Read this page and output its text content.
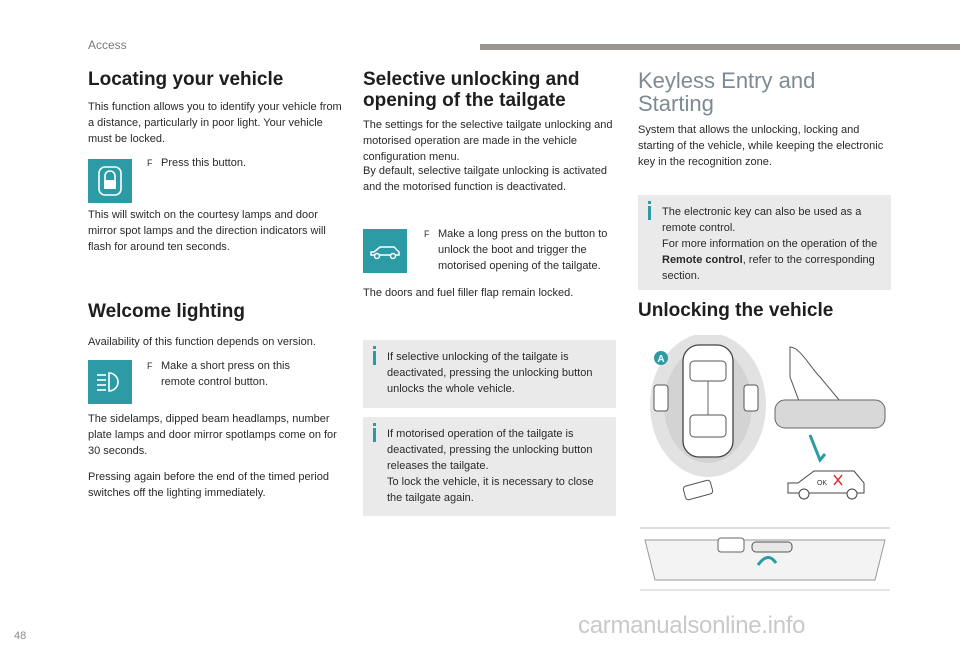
Access
Locating your vehicle

This function allows you to identify your vehicle from a distance, particularly in poor light. Your vehicle must be locked.

F Press this button.

This will switch on the courtesy lamps and door mirror spot lamps and the direction indicators will flash for around ten seconds.

Welcome lighting

Availability of this function depends on version.

F Make a short press on this remote control button.

The sidelamps, dipped beam headlamps, number plate lamps and door mirror spotlamps come on for 30 seconds.

Pressing again before the end of the timed period switches off the lighting immediately.

Selective unlocking and
opening of the tailgate

The settings for the selective tailgate unlocking and motorised operation are made in the vehicle configuration menu.

By default, selective tailgate unlocking is activated and the motorised function is deactivated.

F Make a long press on the button to unlock the boot and trigger the motorised opening of the tailgate.

The doors and fuel filler flap remain locked.

If selective unlocking of the tailgate is deactivated, pressing the unlocking button unlocks the whole vehicle.
If motorised operation of the tailgate is deactivated, pressing the unlocking button releases the tailgate.
To lock the vehicle, it is necessary to close the tailgate again.
Keyless Entry and
Starting

System that allows the unlocking, locking and starting of the vehicle, while keeping the electronic key in the recognition zone.

The electronic key can also be used as a remote control.
For more information on the operation of the Remote control, refer to the corresponding section.
Unlocking the vehicle
A
OK
48	carmanualsonline.info
